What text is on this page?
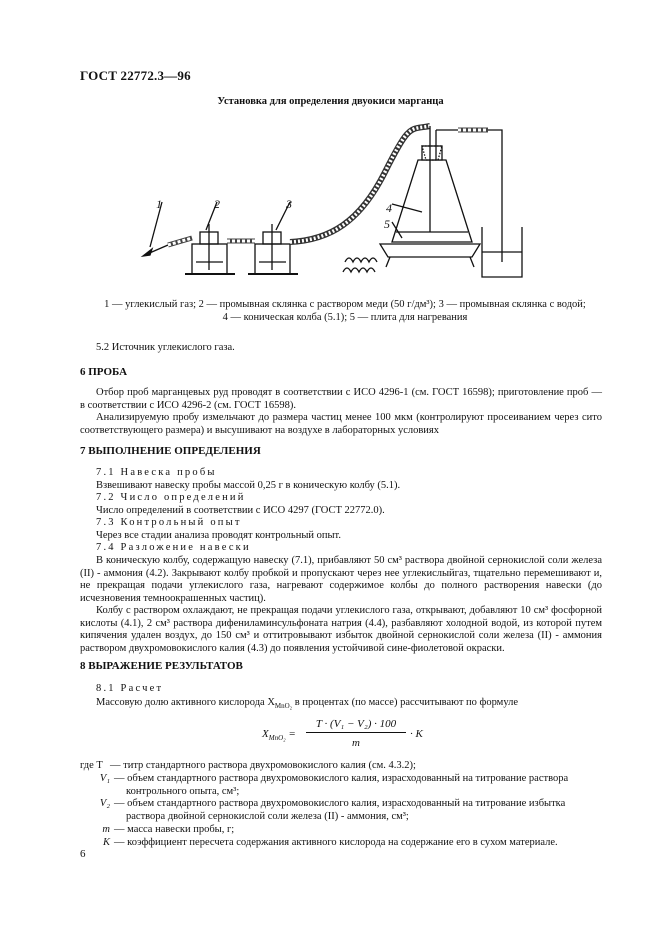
ГОСТ 22772.3—96
Установка для определения двуокиси марганца
1	2	3	4
5
1 — углекислый газ; 2 — промывная склянка с раствором меди (50 г/дм³); 3 — промывная склянка с водой;
4 — коническая колба (5.1); 5 — плита для нагревания
5.2 Источник углекислого газа.
6 ПРОБА
Отбор проб марганцевых руд проводят в соответствии с ИСО 4296-1 (см. ГОСТ 16598); приготовление проб — в соответствии с ИСО 4296-2 (см. ГОСТ 16598).
Анализируемую пробу измельчают до размера частиц менее 100 мкм (контролируют просеиванием через сито соответствующего размера) и высушивают на воздухе в лабораторных условиях
7 ВЫПОЛНЕНИЕ ОПРЕДЕЛЕНИЯ
7.1 Навеска пробы
Взвешивают навеску пробы массой 0,25 г в коническую колбу (5.1).
7.2 Число определений
Число определений в соответствии с ИСО 4297 (ГОСТ 22772.0).
7.3 Контрольный опыт
Через все стадии анализа проводят контрольный опыт.
7.4 Разложение навески
В коническую колбу, содержащую навеску (7.1), прибавляют 50 см³ раствора двойной сернокислой соли железа (II) - аммония (4.2). Закрывают колбу пробкой и пропускают через нее углекислыйгаз, тщательно перемешивают и, не прекращая подачи углекислого газа, нагревают содержимое колбы до полного растворения навески (до исчезновения темноокрашенных частиц).
Колбу с раствором охлаждают, не прекращая подачи углекислого газа, открывают, добавляют 10 см³ фосфорной кислоты (4.1), 2 см³ раствора дифениламинсульфоната натрия (4.4), разбавляют холодной водой, из которой путем кипячения удален воздух, до 150 см³ и оттитровывают избыток двойной сернокислой соли железа (II) - аммония раствором двухромовокислого калия (4.3) до появления устойчивой сине-фиолетовой окраски.
8 ВЫРАЖЕНИЕ РЕЗУЛЬТАТОВ
8.1 Расчет
Массовую долю активного кислорода $X_{MnO_2}$ в процентах (по массе) рассчитывают по формуле
$X_{MnO_2}$ =
T · (V₁ − V₂) · 100
m
· K
где T — титр стандартного раствора двухромовокислого калия (см. 4.3.2);
V₁ — объем стандартного раствора двухромовокислого калия, израсходованный на титрование раствора
контрольного опыта, см³;
V₂ — объем стандартного раствора двухромовокислого калия, израсходованный на титрование избытка
раствора двойной сернокислой соли железа (II) - аммония, см³;
m — масса навески пробы, г;
K — коэффициент пересчета содержания активного кислорода на содержание его в сухом материале.
6
